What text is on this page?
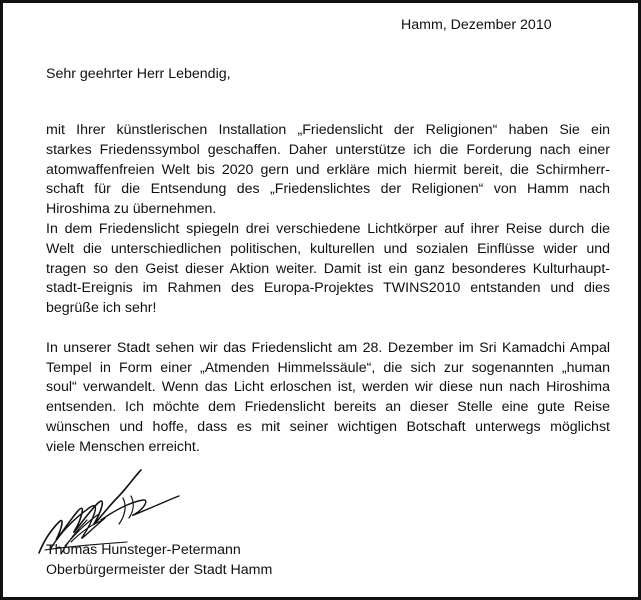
Hamm, Dezember 2010
Sehr geehrter Herr Lebendig,

mit Ihrer künstlerischen Installation „Friedenslicht der Religionen“ haben Sie ein
starkes Friedenssymbol geschaffen. Daher unterstütze ich die Forderung nach einer
atomwaffenfreien Welt bis 2020 gern und erkläre mich hiermit bereit, die Schirmherr-
schaft für die Entsendung des „Friedenslichtes der Religionen“ von Hamm nach
Hiroshima zu übernehmen.
In dem Friedenslicht spiegeln drei verschiedene Lichtkörper auf ihrer Reise durch die
Welt die unterschiedlichen politischen, kulturellen und sozialen Einflüsse wider und
tragen so den Geist dieser Aktion weiter. Damit ist ein ganz besonderes Kulturhaupt-
stadt-Ereignis im Rahmen des Europa-Projektes TWINS2010 entstanden und dies
begrüße ich sehr!

In unserer Stadt sehen wir das Friedenslicht am 28. Dezember im Sri Kamadchi Ampal
Tempel in Form einer „Atmenden Himmelssäule“, die sich zur sogenannten „human
soul“ verwandelt. Wenn das Licht erloschen ist, werden wir diese nun nach Hiroshima
entsenden. Ich möchte dem Friedenslicht bereits an dieser Stelle eine gute Reise
wünschen und hoffe, dass es mit seiner wichtigen Botschaft unterwegs möglichst
viele Menschen erreicht.

Thomas Hunsteger-Petermann
Oberbürgermeister der Stadt Hamm
